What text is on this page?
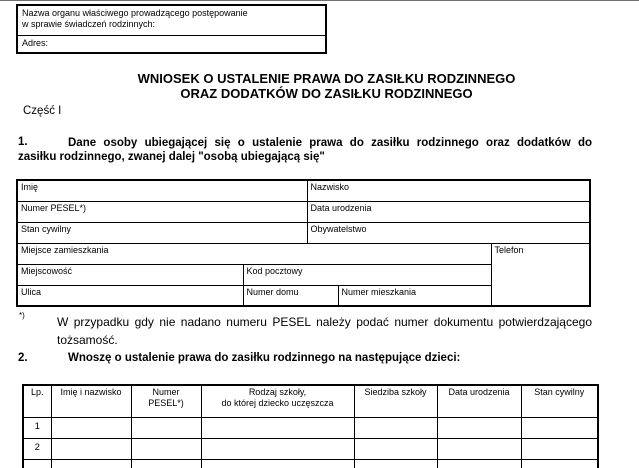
Nazwa organu właściwego prowadzącego postępowanie
w sprawie świadczeń rodzinnych:
Adres:
WNIOSEK O USTALENIE PRAWA DO ZASIŁKU RODZINNEGO
ORAZ DODATKÓW DO ZASIŁKU RODZINNEGO
Część I
1.	Dane osoby ubiegającej się o ustalenie prawa do zasiłku rodzinnego oraz dodatków do
zasiłku rodzinnego, zwanej dalej "osobą ubiegającą się"
Imię		Nazwisko		
Numer PESEL*)		Data urodzenia		
Stan cywilny		Obywatelstwo		
Miejsce zamieszkania				Telefon
Miejscowość	Kod pocztowy			
Ulica	Numer domu		Numer mieszkania	
*)	W przypadku gdy nie nadano numeru PESEL należy podać numer dokumentu potwierdzającego
tożsamość.
2.	Wnoszę o ustalenie prawa do zasiłku rodzinnego na następujące dzieci:
Lp.	Imię i nazwisko	Numer PESEL*)	Rodzaj szkoły,
do której dziecko uczęszcza	Siedziba szkoły	Data urodzenia	Stan cywilny
1						
2						
